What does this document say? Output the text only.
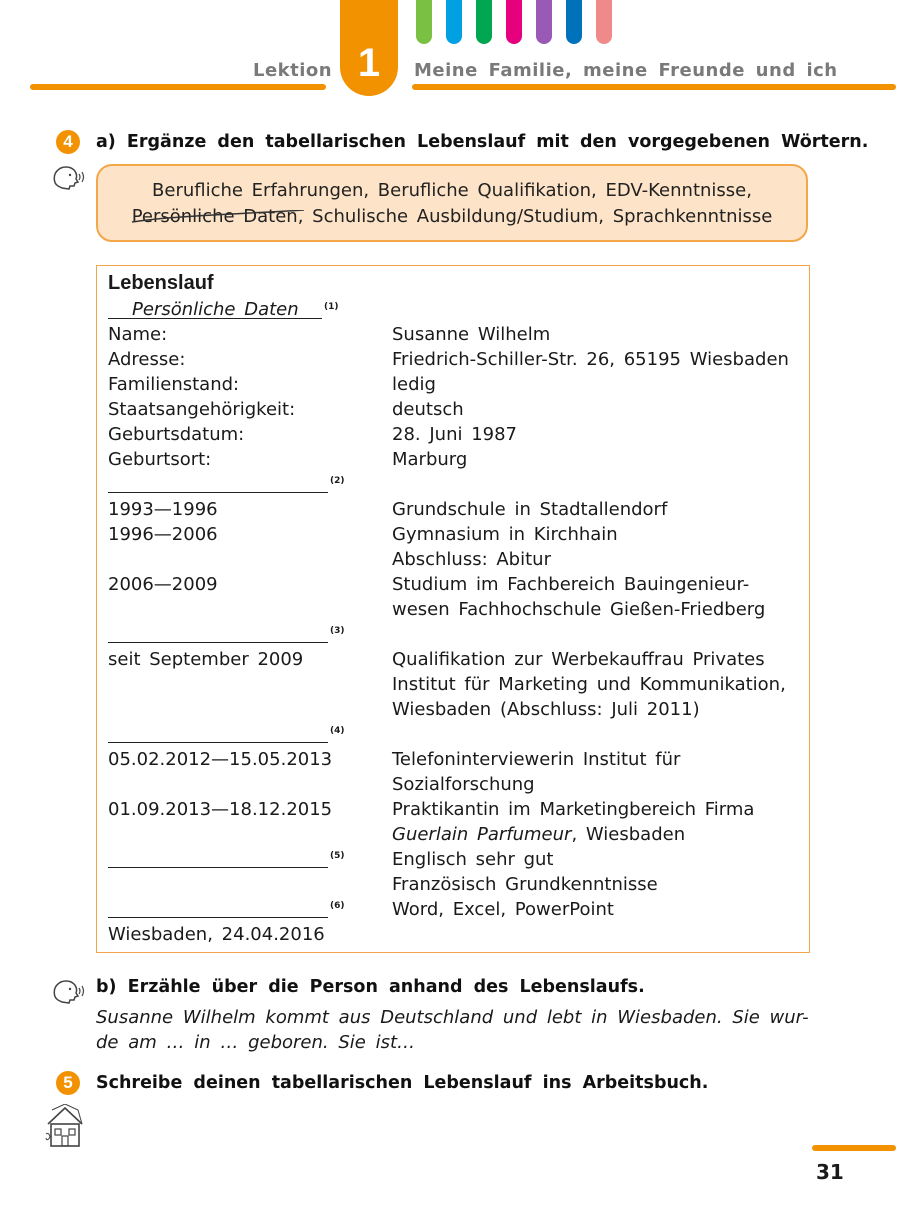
Lektion 1	Meine Familie, meine Freunde und ich
4	a) Ergänze den tabellarischen Lebenslauf mit den vorgegebenen Wörtern.
Berufliche Erfahrungen, Berufliche Qualifikation, EDV-Kenntnisse,
Persönliche Daten
, Schulische Ausbildung/Studium, Sprachkenntnisse
Lebenslauf
Persönliche Daten	(1)
Name:	Susanne Wilhelm
Adresse:	Friedrich-Schiller-Str. 26, 65195 Wiesbaden
Familienstand:	ledig
Staatsangehörigkeit:	deutsch
Geburtsdatum:	28. Juni 1987
Geburtsort:	Marburg
(2)
1993—1996	Grundschule in Stadtallendorf
1996—2006	Gymnasium in Kirchhain
Abschluss: Abitur
2006—2009	Studium im Fachbereich Bauingenieur-
wesen Fachhochschule Gießen-Friedberg
(3)
seit September 2009	Qualifikation zur Werbekauffrau Privates
Institut für Marketing und Kommunikation,
Wiesbaden (Abschluss: Juli 2011)
(4)
05.02.2012—15.05.2013	Telefoninterviewerin Institut für
Sozialforschung
01.09.2013—18.12.2015	Praktikantin im Marketingbereich Firma
Guerlain Parfumeur, Wiesbaden
(5)	Englisch sehr gut
Französisch Grundkenntnisse
(6)	Word, Excel, PowerPoint
Wiesbaden, 24.04.2016
b) Erzähle über die Person anhand des Lebenslaufs.
Susanne Wilhelm kommt aus Deutschland und lebt in Wiesbaden. Sie wur-
de am … in … geboren. Sie ist…
5	Schreibe deinen tabellarischen Lebenslauf ins Arbeitsbuch.
31
